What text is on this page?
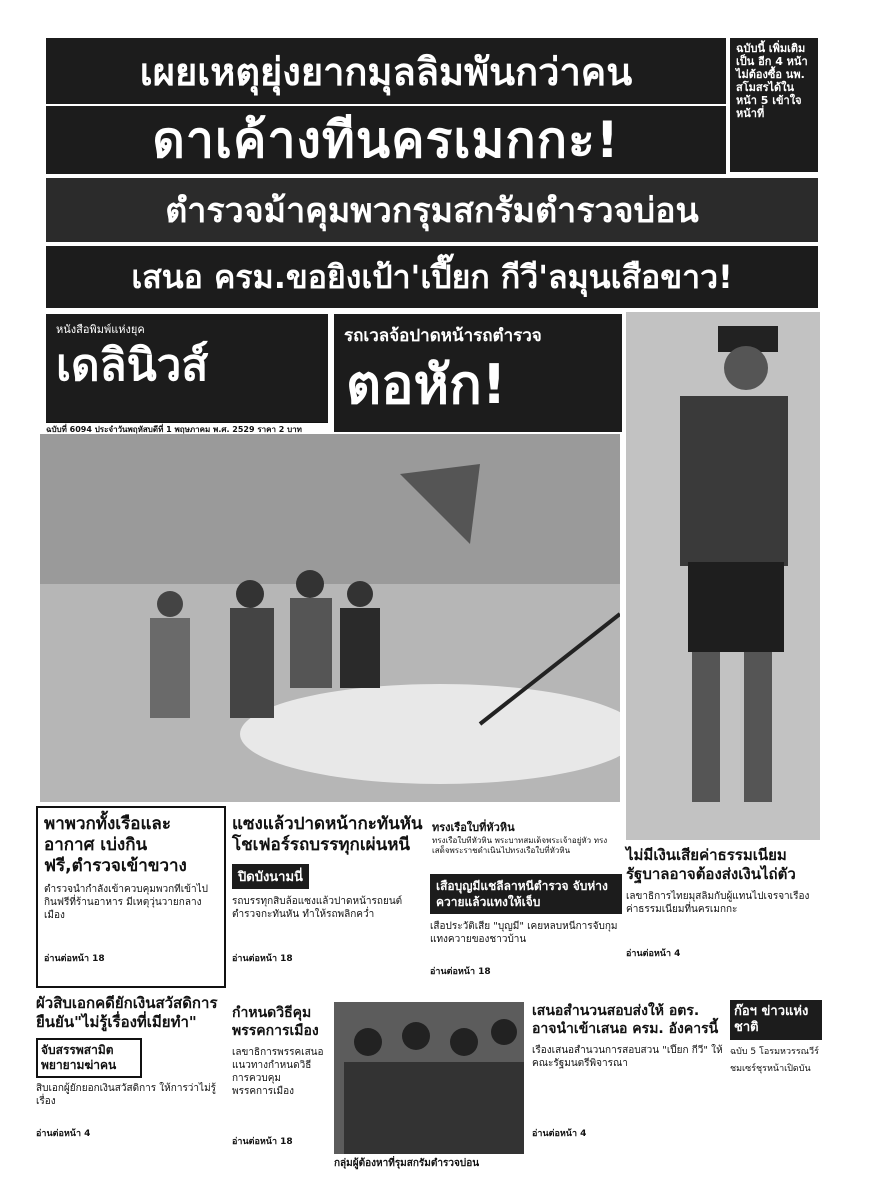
เผยเหตุยุ่งยากมุลลิมพันกว่าคน
ดาเค้างทีนครเมกกะ!
ฉบับนี้ เพิ่มเติมเป็น อีก 4 หน้า ไม่ต้องซื้อ นพ. สโมสรได้ใน หน้า 5 เข้าใจหน้าที่
ตำรวจม้าคุมพวกรุมสกรัมตำรวจบ่อน
เสนอ ครม.ขอยิงเป้า'เปี๊ยก กีวี'ลมุนเสือขาว!
หนังสือพิมพ์แห่งยุค
เดลินิวส์
ฉบับที่ 6094 ประจำวันพฤหัสบดีที่ 1 พฤษภาคม พ.ศ. 2529 ราคา 2 บาท
รถเวลจ้อปาดหน้ารถตำรวจ
ตอหัก!
พาพวกทั้งเรือและอากาศ เบ่งกินฟรี,ตำรวจเข้าขวาง
ตำรวจนำกำลังเข้าควบคุมพวกที่เข้าไปกินฟรีที่ร้านอาหาร มีเหตุวุ่นวายกลางเมือง
อ่านต่อหน้า 18
แซงแล้วปาดหน้ากะทันหัน โชเฟอร์รถบรรทุกเผ่นหนี
ปิดบังนามนี่
รถบรรทุกสิบล้อแซงแล้วปาดหน้ารถยนต์ตำรวจกะทันหัน ทำให้รถพลิกคว่ำ
อ่านต่อหน้า 18
ทรงเรือใบที่หัวหิน
ทรงเรือใบที่หัวหิน พระบาทสมเด็จพระเจ้าอยู่หัว ทรงเสด็จพระราชดำเนินไปทรงเรือใบที่หัวหิน
เสือบุญมีแชลีลาหนีตำรวจ จับห่างควายแล้วแทงให้เจ็บ
เสือประวัติเสีย "บุญมี" เคยหลบหนีการจับกุม แทงควายของชาวบ้าน
อ่านต่อหน้า 18
ไม่มีเงินเสียค่าธรรมเนียม รัฐบาลอาจต้องส่งเงินไถ่ตัว
เลขาธิการไทยมุสลิมกับผู้แทนไปเจรจาเรื่องค่าธรรมเนียมที่นครเมกกะ
อ่านต่อหน้า 4
ผัวสิบเอกคดียักเงินสวัสดิการ ยืนยัน"ไม่รู้เรื่องที่เมียทำ"
จับสรรพสามิต พยายามฆ่าคน
สิบเอกผู้ยักยอกเงินสวัสดิการ ให้การว่าไม่รู้เรื่อง
อ่านต่อหน้า 4
กำหนดวิธีคุม พรรคการเมือง
เลขาธิการพรรคเสนอแนวทางกำหนดวิธีการควบคุมพรรคการเมือง
อ่านต่อหน้า 18
กลุ่มผู้ต้องหาที่รุมสกรัมตำรวจบ่อน
เสนอสำนวนสอบส่งให้ อตร. อาจนำเข้าเสนอ ครม. อังคารนี้
เรื่องเสนอสำนวนการสอบสวน "เปี๊ยก กีวี" ให้คณะรัฐมนตรีพิจารณา
อ่านต่อหน้า 4
ก๊อฯ ข่าวแห่งชาติ
ฉบับ 5 โอรมหวรรณวีร์
ชมเซร์ชุรหน้าเปิดบัน
